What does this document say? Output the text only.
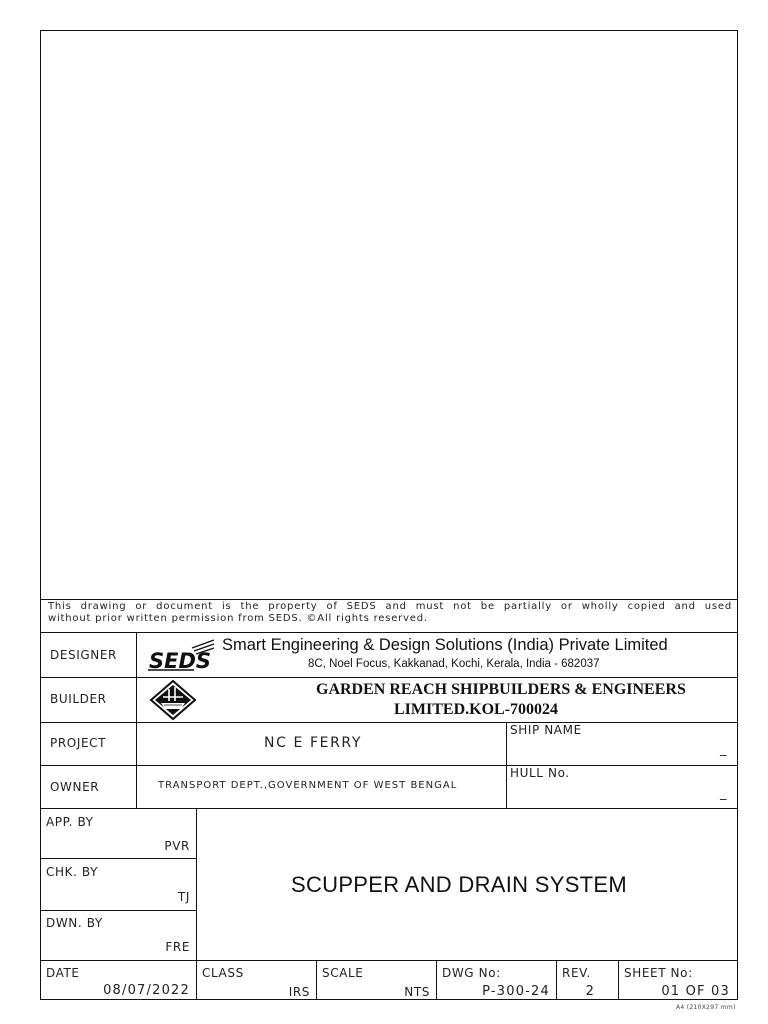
This drawing or document is the property of SEDS and must not be partially or wholly copied and used
without prior written permission from SEDS. ©All rights reserved.
DESIGNER SEDS
Smart Engineering & Design Solutions (India) Private Limited
8C, Noel Focus, Kakkanad, Kochi, Kerala, India - 682037
BUILDER
GARDEN REACH SHIPBUILDERS & ENGINEERS
LIMITED.KOL-700024
PROJECT	NC E FERRY
SHIP NAME
_
OWNER	TRANSPORT DEPT.,GOVERNMENT OF WEST BENGAL
HULL No.
_
APP. BY
PVR
CHK. BY
TJ
DWN. BY
FRE
SCUPPER AND DRAIN SYSTEM
DATE
08/07/2022
CLASS
IRS
SCALE
NTS
DWG No:
P-300-24
REV.
2
SHEET No:
01 OF 03
A4 (210X297 mm)
